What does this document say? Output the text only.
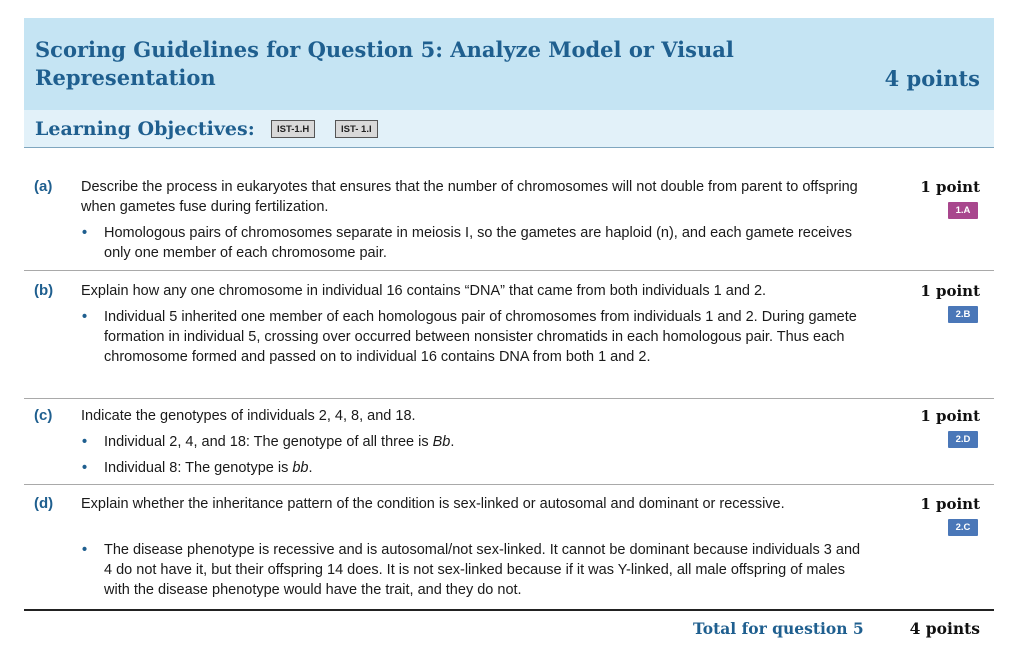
Scoring Guidelines for Question 5: Analyze Model or Visual Representation	4 points
Learning Objectives:	IST-1.H	IST- 1.I
(a) Describe the process in eukaryotes that ensures that the number of chromosomes will not double from parent to offspring when gametes fuse during fertilization.
• Homologous pairs of chromosomes separate in meiosis I, so the gametes are haploid (n), and each gamete receives only one member of each chromosome pair.
1 point
1.A
(b) Explain how any one chromosome in individual 16 contains “DNA” that came from both individuals 1 and 2.
• Individual 5 inherited one member of each homologous pair of chromosomes from individuals 1 and 2. During gamete formation in individual 5, crossing over occurred between nonsister chromatids in each homologous pair. Thus each chromosome formed and passed on to individual 16 contains DNA from both 1 and 2.
1 point
2.B
(c) Indicate the genotypes of individuals 2, 4, 8, and 18.
• Individual 2, 4, and 18: The genotype of all three is Bb.
• Individual 8: The genotype is bb.
1 point
2.D
(d) Explain whether the inheritance pattern of the condition is sex-linked or autosomal and dominant or recessive.
• The disease phenotype is recessive and is autosomal/not sex-linked. It cannot be dominant because individuals 3 and 4 do not have it, but their offspring 14 does. It is not sex-linked because if it was Y-linked, all male offspring of males with the disease phenotype would have the trait, and they do not.
1 point
2.C
Total for question 5	4 points
